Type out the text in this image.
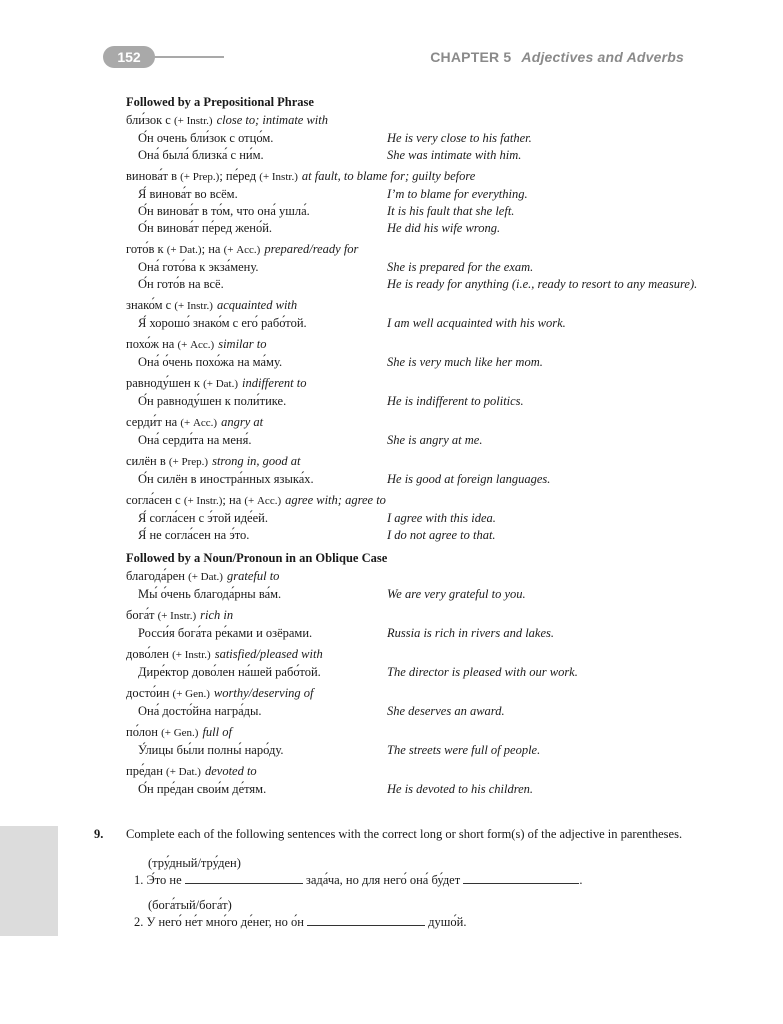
152	CHAPTER 5 Adjectives and Adverbs
Followed by a Prepositional Phrase
бли́зок с (+ Instr.) close to; intimate with
О́н очень бли́зок с отцо́м.	He is very close to his father.
Она́ была́ близка́ с ни́м.	She was intimate with him.
винова́т в (+ Prep.); пе́ред (+ Instr.) at fault, to blame for; guilty before
Я́ винова́т во всём.	I’m to blame for everything.
О́н винова́т в то́м, что она́ ушла́.	It is his fault that she left.
О́н винова́т пе́ред жено́й.	He did his wife wrong.
гото́в к (+ Dat.); на (+ Acc.) prepared/ready for
Она́ гото́ва к экза́мену.	She is prepared for the exam.
О́н гото́в на всё.	He is ready for anything (i.e., ready to resort to any measure).
знако́м с (+ Instr.) acquainted with
Я́ хорошо́ знако́м с его́ рабо́той.	I am well acquainted with his work.
похо́ж на (+ Acc.) similar to
Она́ о́чень похо́жа на ма́му.	She is very much like her mom.
равноду́шен к (+ Dat.) indifferent to
О́н равноду́шен к поли́тике.	He is indifferent to politics.
серди́т на (+ Acc.) angry at
Она́ серди́та на меня́.	She is angry at me.
силён в (+ Prep.) strong in, good at
О́н силён в иностра́нных языка́х.	He is good at foreign languages.
согла́сен с (+ Instr.); на (+ Acc.) agree with; agree to
Я́ согла́сен с э́той иде́ей.	I agree with this idea.
Я́ не согла́сен на э́то.	I do not agree to that.
Followed by a Noun/Pronoun in an Oblique Case
благода́рен (+ Dat.) grateful to
Мы́ о́чень благода́рны ва́м.	We are very grateful to you.
бога́т (+ Instr.) rich in
Росси́я бога́та ре́ками и озёрами.	Russia is rich in rivers and lakes.
дово́лен (+ Instr.) satisfied/pleased with
Дире́ктор дово́лен на́шей рабо́той.	The director is pleased with our work.
досто́ин (+ Gen.) worthy/deserving of
Она́ досто́йна награ́ды.	She deserves an award.
по́лон (+ Gen.) full of
У́лицы бы́ли полны́ наро́ду.	The streets were full of people.
пре́дан (+ Dat.) devoted to
О́н пре́дан свои́м де́тям.	He is devoted to his children.
9. Complete each of the following sentences with the correct long or short form(s) of the adjective in parentheses.
(тру́дный/тру́ден)
1. Э́то не	зада́ча, но для него́ она́ бу́дет	.
(бога́тый/бога́т)
2. У него́ не́т мно́го де́нег, но о́н	душо́й.
